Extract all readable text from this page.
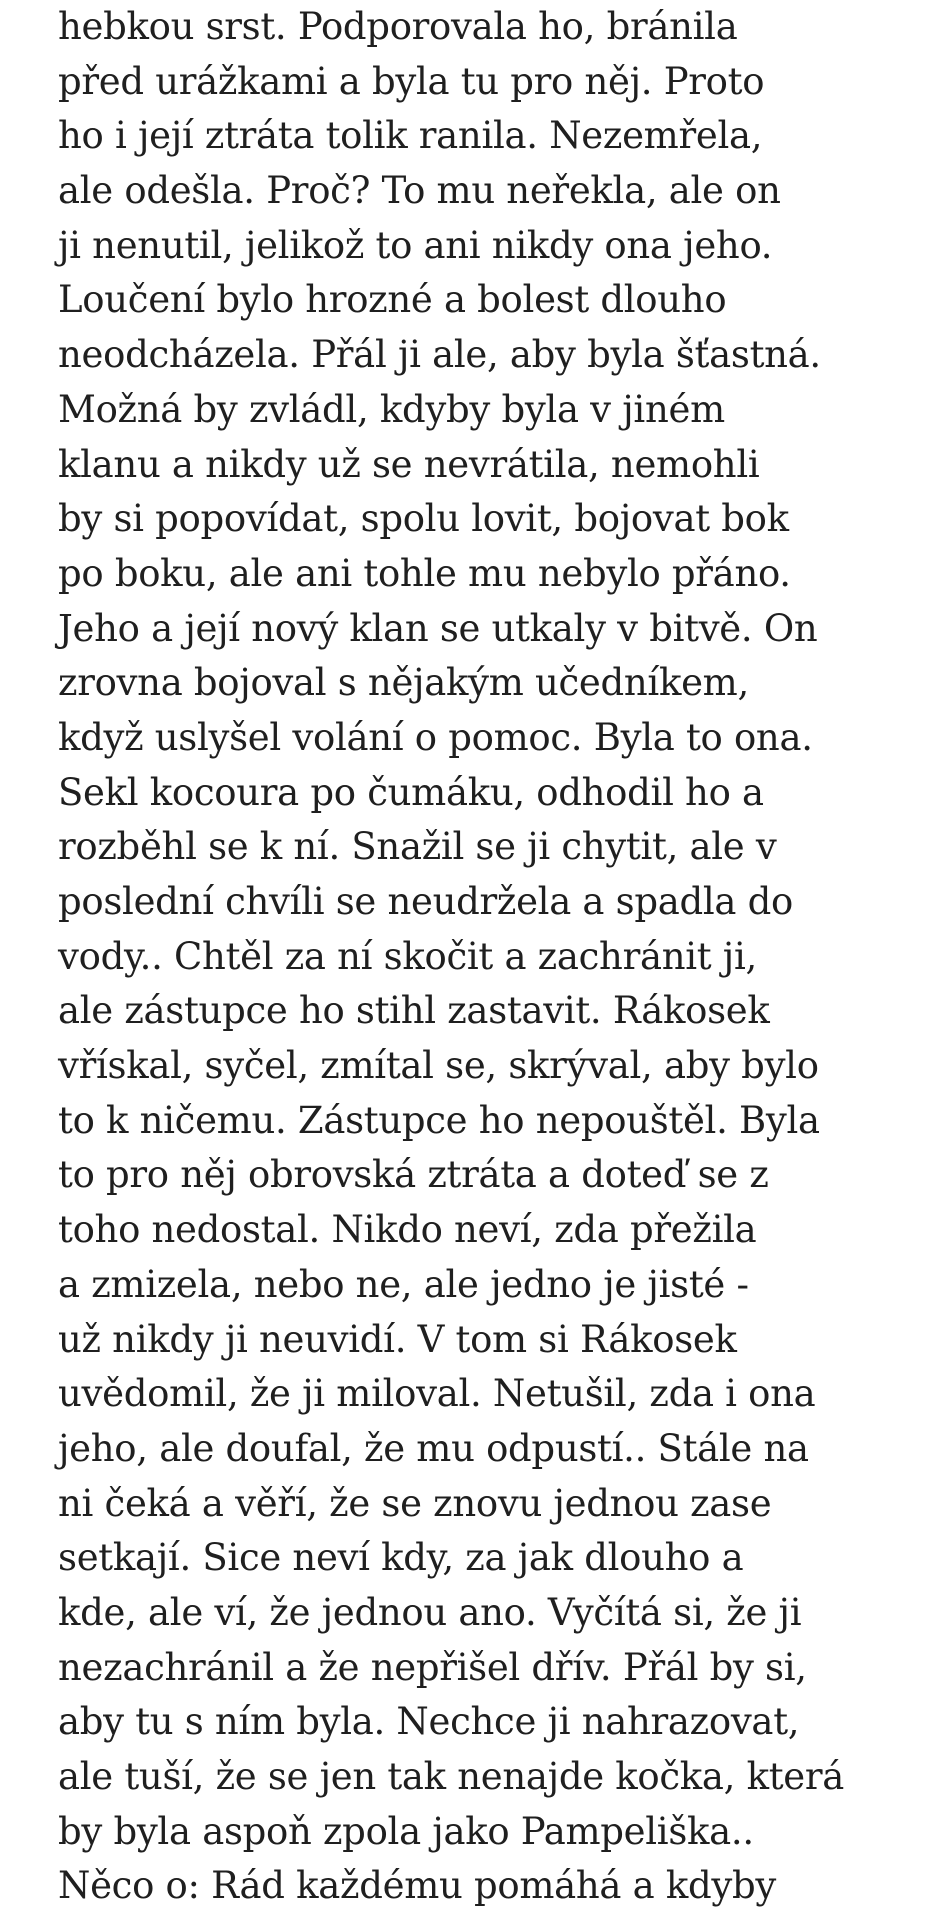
hebkou srst. Podporovala ho, bránila
před urážkami a byla tu pro něj. Proto
ho i její ztráta tolik ranila. Nezemřela,
ale odešla. Proč? To mu neřekla, ale on
ji nenutil, jelikož to ani nikdy ona jeho.
Loučení bylo hrozné a bolest dlouho
neodcházela. Přál ji ale, aby byla šťastná.
Možná by zvládl, kdyby byla v jiném
klanu a nikdy už se nevrátila, nemohli
by si popovídat, spolu lovit, bojovat bok
po boku, ale ani tohle mu nebylo přáno.
Jeho a její nový klan se utkaly v bitvě. On
zrovna bojoval s nějakým učedníkem,
když uslyšel volání o pomoc. Byla to ona.
Sekl kocoura po čumáku, odhodil ho a
rozběhl se k ní. Snažil se ji chytit, ale v
poslední chvíli se neudržela a spadla do
vody.. Chtěl za ní skočit a zachránit ji,
ale zástupce ho stihl zastavit. Rákosek
vřískal, syčel, zmítal se, skrýval, aby bylo
to k ničemu. Zástupce ho nepouštěl. Byla
to pro něj obrovská ztráta a doteď se z
toho nedostal. Nikdo neví, zda přežila
a zmizela, nebo ne, ale jedno je jisté -
už nikdy ji neuvidí. V tom si Rákosek
uvědomil, že ji miloval. Netušil, zda i ona
jeho, ale doufal, že mu odpustí.. Stále na
ni čeká a věří, že se znovu jednou zase
setkají. Sice neví kdy, za jak dlouho a
kde, ale ví, že jednou ano. Vyčítá si, že ji
nezachránil a že nepřišel dřív. Přál by si,
aby tu s ním byla. Nechce ji nahrazovat,
ale tuší, že se jen tak nenajde kočka, která
by byla aspoň zpola jako Pampeliška..
Něco o: Rád každému pomáhá a kdyby
